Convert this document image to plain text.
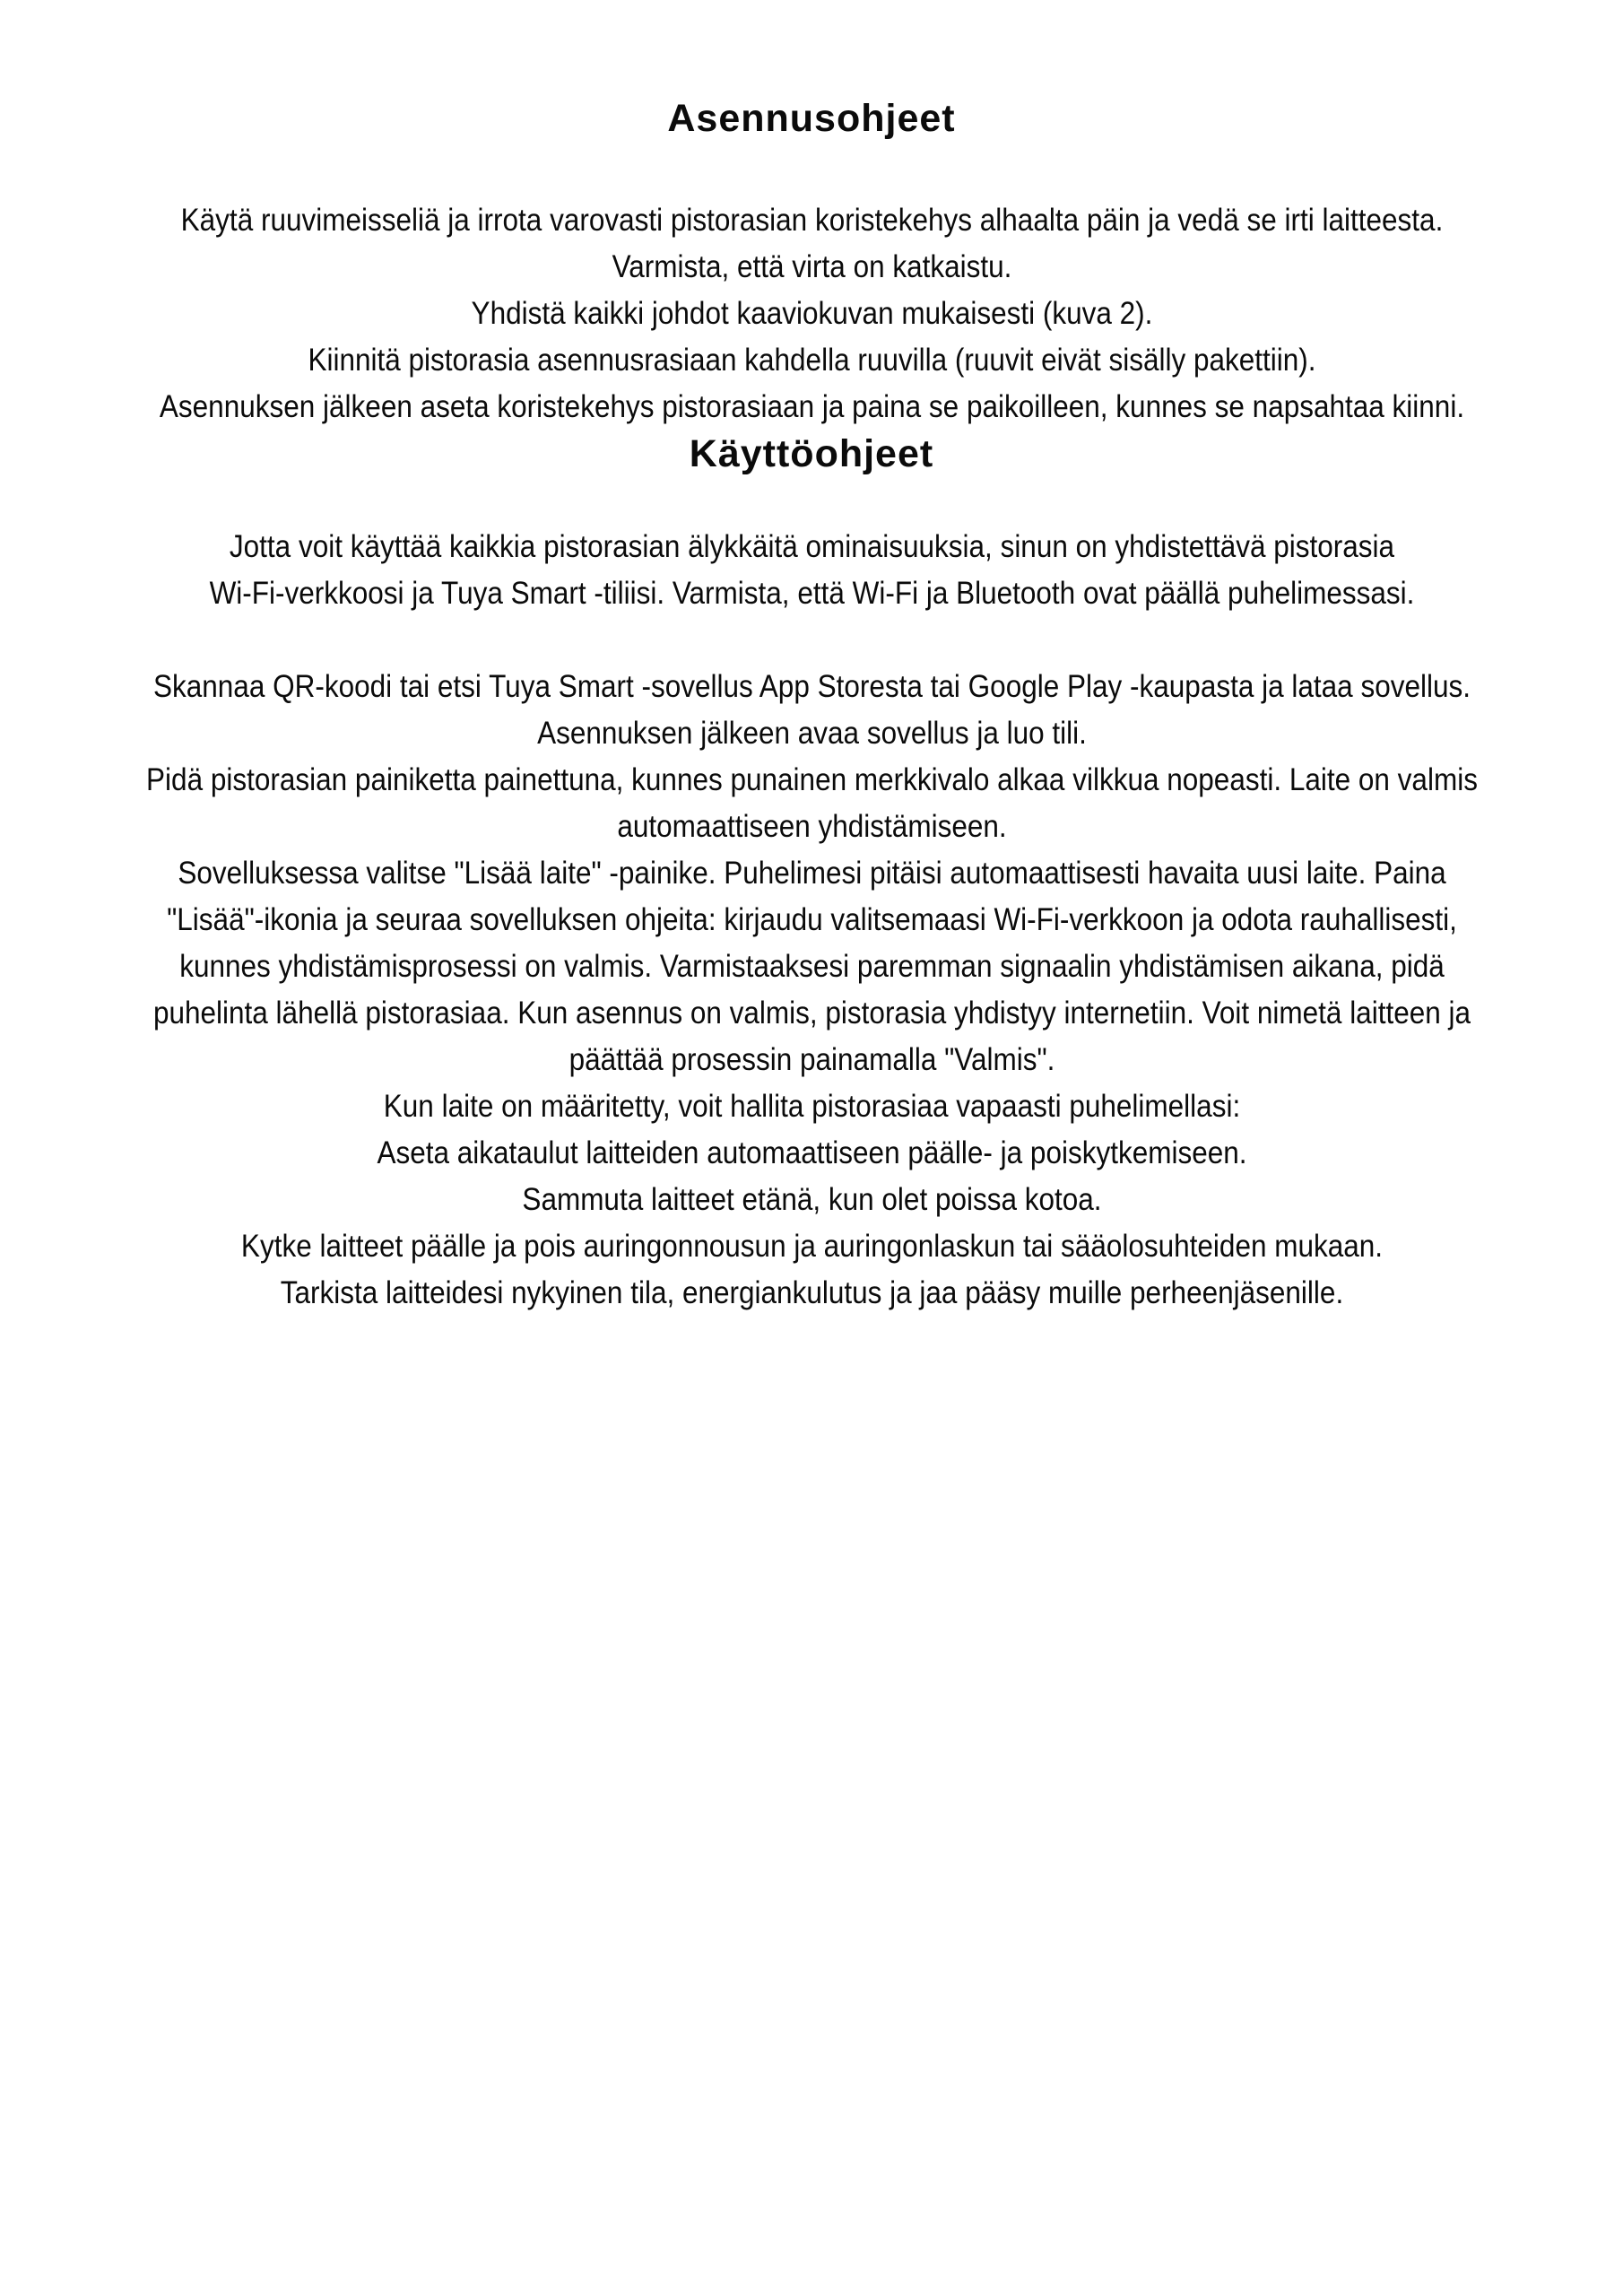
Asennusohjeet
Käytä ruuvimeisseliä ja irrota varovasti pistorasian koristekehys alhaalta päin ja vedä se irti laitteesta.
Varmista, että virta on katkaistu.
Yhdistä kaikki johdot kaaviokuvan mukaisesti (kuva 2).
Kiinnitä pistorasia asennusrasiaan kahdella ruuvilla (ruuvit eivät sisälly pakettiin).
Asennuksen jälkeen aseta koristekehys pistorasiaan ja paina se paikoilleen, kunnes se napsahtaa kiinni.
Käyttöohjeet
Jotta voit käyttää kaikkia pistorasian älykkäitä ominaisuuksia, sinun on yhdistettävä pistorasia
Wi-Fi-verkkoosi ja Tuya Smart -tiliisi. Varmista, että Wi-Fi ja Bluetooth ovat päällä puhelimessasi.
Skannaa QR-koodi tai etsi Tuya Smart -sovellus App Storesta tai Google Play -kaupasta ja lataa sovellus.
Asennuksen jälkeen avaa sovellus ja luo tili.
Pidä pistorasian painiketta painettuna, kunnes punainen merkkivalo alkaa vilkkua nopeasti. Laite on valmis
automaattiseen yhdistämiseen.
Sovelluksessa valitse "Lisää laite" -painike. Puhelimesi pitäisi automaattisesti havaita uusi laite. Paina
"Lisää"-ikonia ja seuraa sovelluksen ohjeita: kirjaudu valitsemaasi Wi-Fi-verkkoon ja odota rauhallisesti,
kunnes yhdistämisprosessi on valmis. Varmistaaksesi paremman signaalin yhdistämisen aikana, pidä
puhelinta lähellä pistorasiaa. Kun asennus on valmis, pistorasia yhdistyy internetiin. Voit nimetä laitteen ja
päättää prosessin painamalla "Valmis".
Kun laite on määritetty, voit hallita pistorasiaa vapaasti puhelimellasi:
Aseta aikataulut laitteiden automaattiseen päälle- ja poiskytkemiseen.
Sammuta laitteet etänä, kun olet poissa kotoa.
Kytke laitteet päälle ja pois auringonnousun ja auringonlaskun tai sääolosuhteiden mukaan.
Tarkista laitteidesi nykyinen tila, energiankulutus ja jaa pääsy muille perheenjäsenille.
